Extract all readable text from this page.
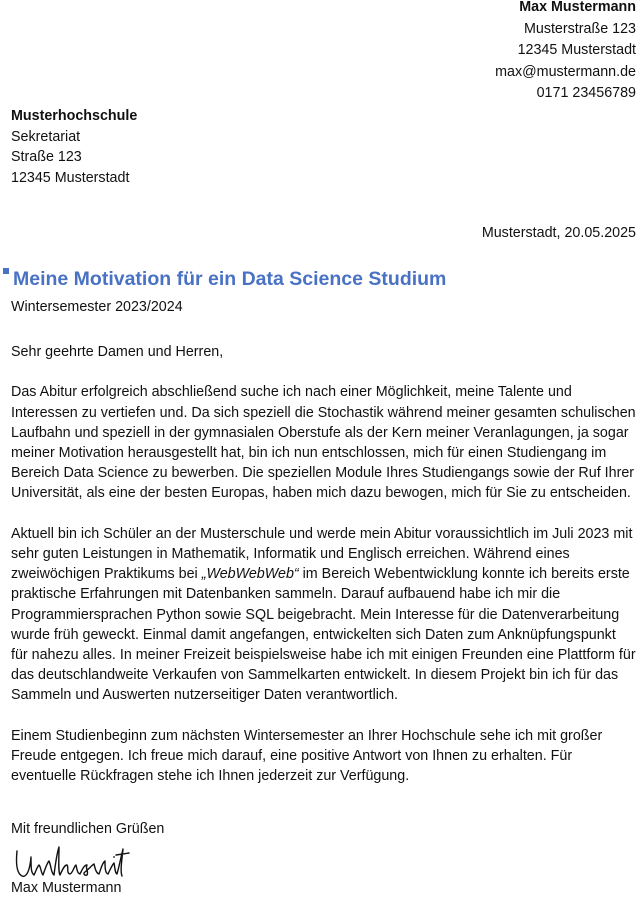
Max Mustermann
Musterstraße 123
12345 Musterstadt
max@mustermann.de
0171 23456789
Musterhochschule
Sekretariat
Straße 123
12345 Musterstadt
Musterstadt, 20.05.2025
Meine Motivation für ein Data Science Studium
Wintersemester 2023/2024

Sehr geehrte Damen und Herren,

Das Abitur erfolgreich abschließend suche ich nach einer Möglichkeit, meine Talente und Interessen zu vertiefen und. Da sich speziell die Stochastik während meiner gesamten schulischen Laufbahn und speziell in der gymnasialen Oberstufe als der Kern meiner Veranlagungen, ja sogar meiner Motivation herausgestellt hat, bin ich nun entschlossen, mich für einen Studiengang im Bereich Data Science zu bewerben. Die speziellen Module Ihres Studiengangs sowie der Ruf Ihrer Universität, als eine der besten Europas, haben mich dazu bewogen, mich für Sie zu entscheiden.

Aktuell bin ich Schüler an der Musterschule und werde mein Abitur voraussichtlich im Juli 2023 mit sehr guten Leistungen in Mathematik, Informatik und Englisch erreichen. Während eines zweiwöchigen Praktikums bei „WebWebWeb“ im Bereich Webentwicklung konnte ich bereits erste praktische Erfahrungen mit Datenbanken sammeln. Darauf aufbauend habe ich mir die Programmiersprachen Python sowie SQL beigebracht. Mein Interesse für die Datenverarbeitung wurde früh geweckt. Einmal damit angefangen, entwickelten sich Daten zum Anknüpfungspunkt für nahezu alles. In meiner Freizeit beispielsweise habe ich mit einigen Freunden eine Plattform für das deutschlandweite Verkaufen von Sammelkarten entwickelt. In diesem Projekt bin ich für das Sammeln und Auswerten nutzerseitiger Daten verantwortlich.

Einem Studienbeginn zum nächsten Wintersemester an Ihrer Hochschule sehe ich mit großer Freude entgegen. Ich freue mich darauf, eine positive Antwort von Ihnen zu erhalten. Für eventuelle Rückfragen stehe ich Ihnen jederzeit zur Verfügung.

Mit freundlichen Grüßen
Max Mustermann
